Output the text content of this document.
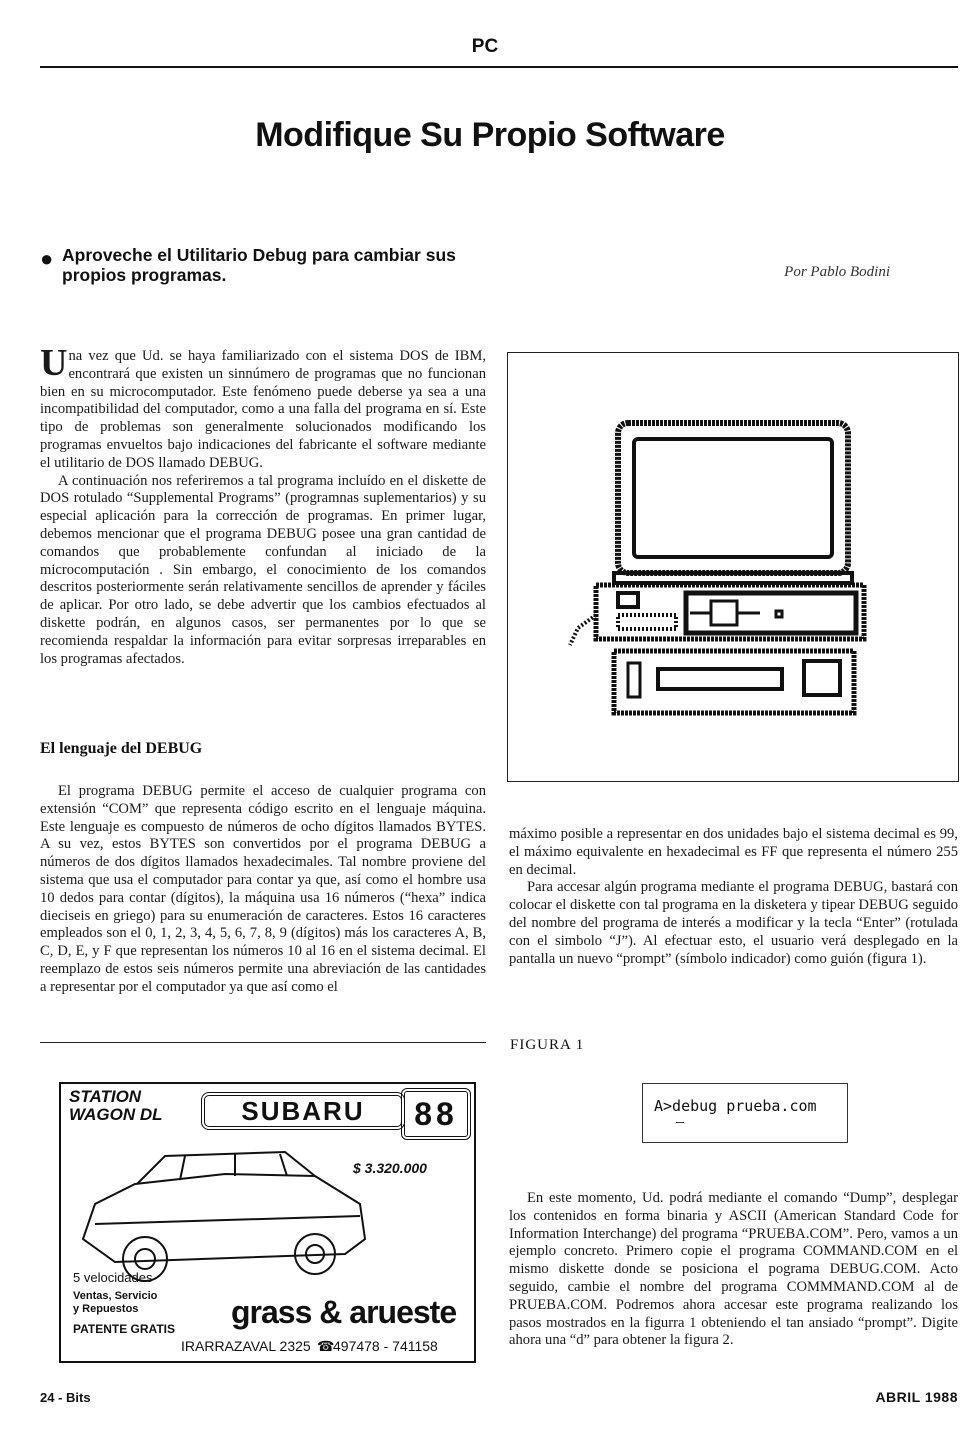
PC
Modifique Su Propio Software
● Aproveche el Utilitario Debug para cambiar sus propios programas.	Por Pablo Bodini

Una vez que Ud. se haya familiarizado con el sistema DOS de IBM, encontrará que existen un sinnúmero de programas que no funcionan bien en su microcomputador. Este fenómeno puede deberse ya sea a una incompatibilidad del computador, como a una falla del programa en sí. Este tipo de problemas son generalmente solucionados modificando los programas envueltos bajo indicaciones del fabricante el software mediante el utilitario de DOS llamado DEBUG.

A continuación nos referiremos a tal programa incluído en el diskette de DOS rotulado “Supplemental Programs” (programnas suplementarios) y su especial aplicación para la corrección de programas. En primer lugar, debemos mencionar que el programa DEBUG posee una gran cantidad de comandos que probablemente confundan al iniciado de la microcomputación . Sin embargo, el conocimiento de los comandos descritos posteriormente serán relativamente sencillos de aprender y fáciles de aplicar. Por otro lado, se debe advertir que los cambios efectuados al diskette podrán, en algunos casos, ser permanentes por lo que se recomienda respaldar la información para evitar sorpresas irreparables en los programas afectados.

El lenguaje del DEBUG

El programa DEBUG permite el acceso de cualquier programa con extensión “COM” que representa código escrito en el lenguaje máquina. Este lenguaje es compuesto de números de ocho dígitos llamados BYTES. A su vez, estos BYTES son convertidos por el programa DEBUG a números de dos dígitos llamados hexadecimales. Tal nombre proviene del sistema que usa el computador para contar ya que, así como el hombre usa 10 dedos para contar (dígitos), la máquina usa 16 números (“hexa” indica dieciseis en griego) para su enumeración de caracteres. Estos 16 caracteres empleados son el 0, 1, 2, 3, 4, 5, 6, 7, 8, 9 (dígitos) más los caracteres A, B, C, D, E, y F que representan los números 10 al 16 en el sistema decimal. El reemplazo de estos seis números permite una abreviación de las cantidades a representar por el computador ya que así como el

máximo posible a representar en dos unidades bajo el sistema decimal es 99, el máximo equivalente en hexadecimal es FF que representa el número 255 en decimal.

Para accesar algún programa mediante el programa DEBUG, bastará con colocar el diskette con tal programa en la disketera y tipear DEBUG seguido del nombre del programa de interés a modificar y la tecla “Enter” (rotulada con el simbolo “J”). Al efectuar esto, el usuario verá desplegado en la pantalla un nuevo “prompt” (símbolo indicador) como guión (figura 1).

FIGURA 1
A>debug prueba.com

En este momento, Ud. podrá mediante el comando “Dump”, desplegar los contenidos en forma binaria y ASCII (American Standard Code for Information Interchange) del programa “PRUEBA.COM”. Pero, vamos a un ejemplo concreto. Primero copie el programa COMMAND.COM en el mismo diskette donde se posiciona el pograma DEBUG.COM. Acto seguido, cambie el nombre del programa COMMMAND.COM al de PRUEBA.COM. Podremos ahora accesar este programa realizando los pasos mostrados en la figurra 1 obteniendo el tan ansiado “prompt”. Digite ahora una “d” para obtener la figura 2.

STATION
WAGON DL	SUBARU	88
$ 3.320.000
5 velocidades
Ventas, Servicio
y Repuestos
PATENTE GRATIS grass & arueste
IRARRAZAVAL 2325 ☎
497478 - 741158
24 - Bits	ABRIL 1988
